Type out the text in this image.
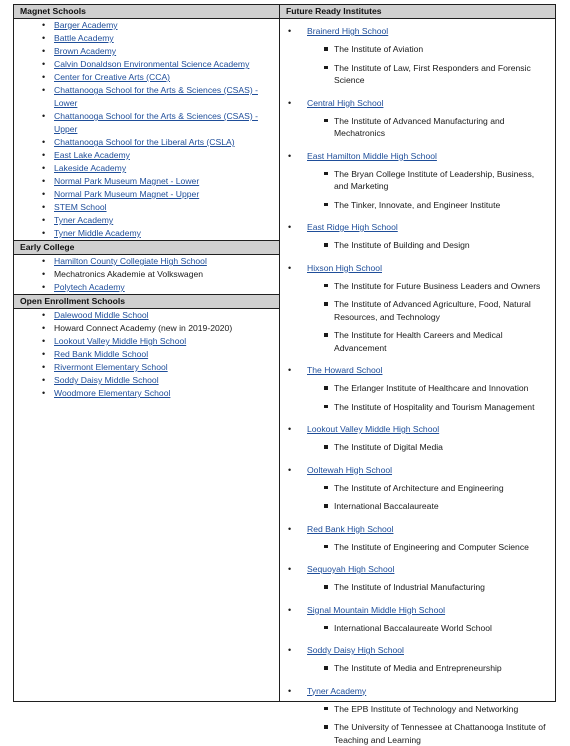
Magnet Schools
• Barger Academy
• Battle Academy
• Brown Academy
• Calvin Donaldson Environmental Science Academy
• Center for Creative Arts (CCA)
• Chattanooga School for the Arts & Sciences (CSAS) - Lower
• Chattanooga School for the Arts & Sciences (CSAS) - Upper
• Chattanooga School for the Liberal Arts (CSLA)
• East Lake Academy
• Lakeside Academy
• Normal Park Museum Magnet - Lower
• Normal Park Museum Magnet - Upper
• STEM School
• Tyner Academy
• Tyner Middle Academy
Early College
• Hamilton County Collegiate High School
• Mechatronics Akademie at Volkswagen
• Polytech Academy
Open Enrollment Schools
• Dalewood Middle School
• Howard Connect Academy (new in 2019-2020)
• Lookout Valley Middle High School
• Red Bank Middle School
• Rivermont Elementary School
• Soddy Daisy Middle School
• Woodmore Elementary School
Future Ready Institutes
• Brainerd High School
The Institute of Aviation
The Institute of Law, First Responders and Forensic Science
• Central High School
The Institute of Advanced Manufacturing and Mechatronics
• East Hamilton Middle High School
The Bryan College Institute of Leadership, Business, and Marketing
The Tinker, Innovate, and Engineer Institute
• East Ridge High School
The Institute of Building and Design
• Hixson High School
The Institute for Future Business Leaders and Owners
The Institute of Advanced Agriculture, Food, Natural Resources, and Technology
The Institute for Health Careers and Medical Advancement
• The Howard School
The Erlanger Institute of Healthcare and Innovation
The Institute of Hospitality and Tourism Management
• Lookout Valley Middle High School
The Institute of Digital Media
• Ooltewah High School
The Institute of Architecture and Engineering
International Baccalaureate
• Red Bank High School
The Institute of Engineering and Computer Science
• Sequoyah High School
The Institute of Industrial Manufacturing
• Signal Mountain Middle High School
International Baccalaureate World School
• Soddy Daisy High School
The Institute of Media and Entrepreneurship
• Tyner Academy
The EPB Institute of Technology and Networking
The University of Tennessee at Chattanooga Institute of Teaching and Learning
